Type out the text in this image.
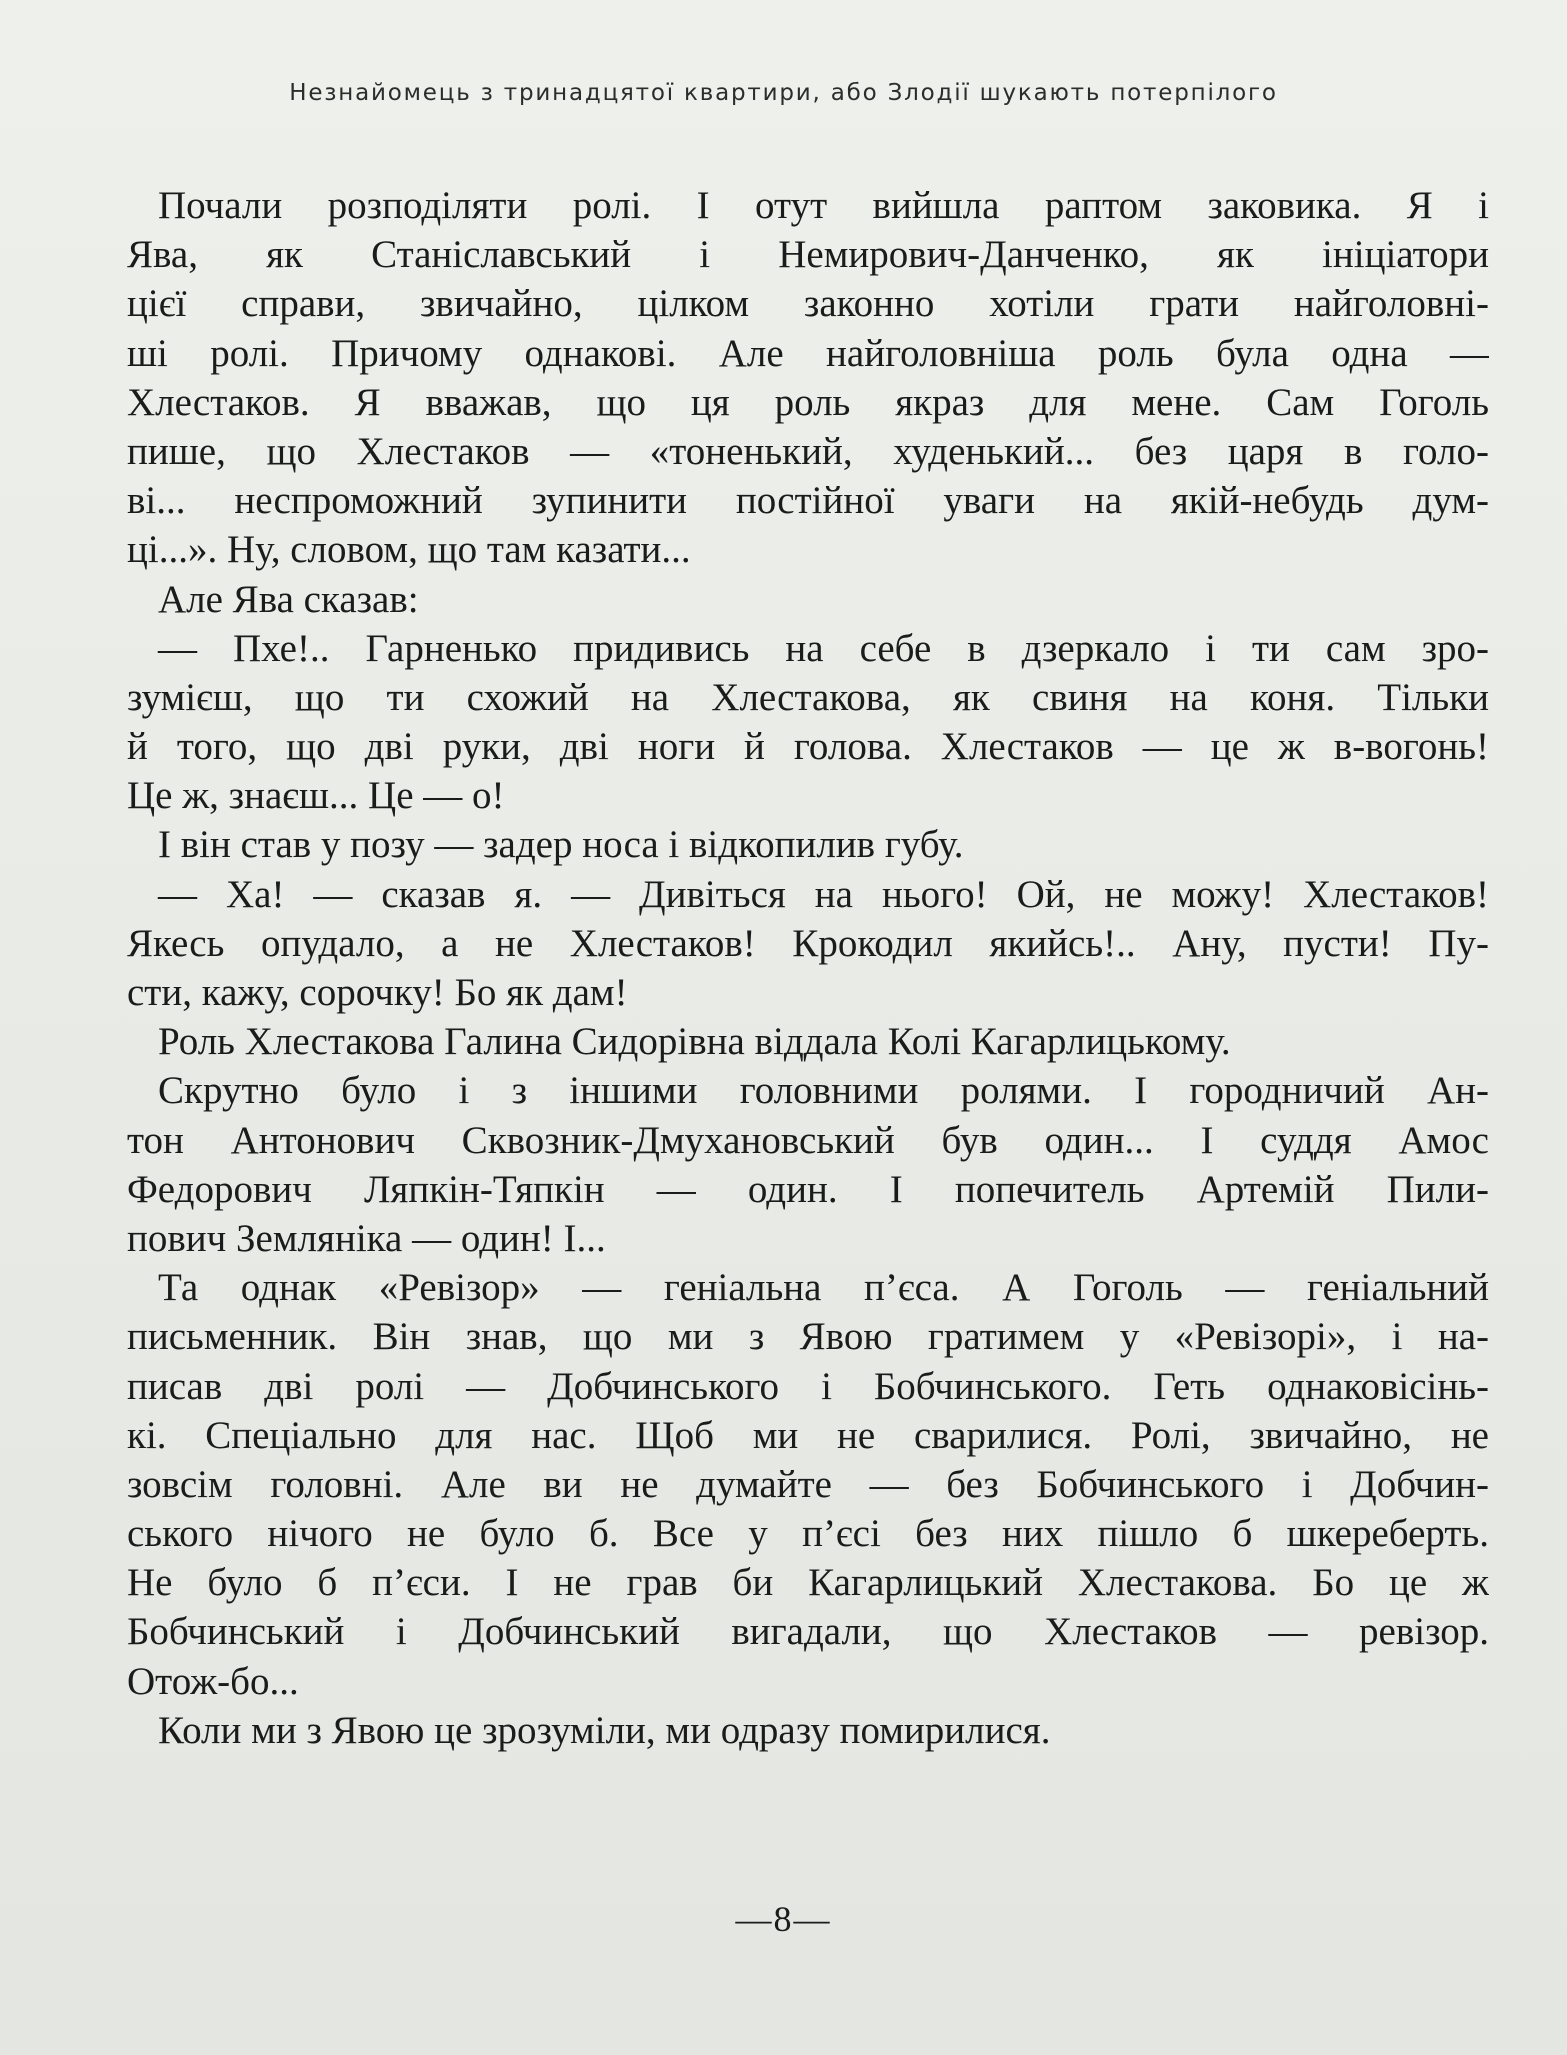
Незнайомець з тринадцятої квартири, або Злодії шукають потерпілого
Почали розподіляти ролі. І отут вийшла раптом заковика. Я і
Ява, як Станіславський і Немирович-Данченко, як ініціатори
цієї справи, звичайно, цілком законно хотіли грати найголовні-
ші ролі. Причому однакові. Але найголовніша роль була одна —
Хлестаков. Я вважав, що ця роль якраз для мене. Сам Гоголь
пише, що Хлестаков — «тоненький, худенький... без царя в голо-
ві... неспроможний зупинити постійної уваги на якій-небудь дум-
ці...». Ну, словом, що там казати...
Але Ява сказав:
— Пхе!.. Гарненько придивись на себе в дзеркало і ти сам зро-
зумієш, що ти схожий на Хлестакова, як свиня на коня. Тільки
й того, що дві руки, дві ноги й голова. Хлестаков — це ж в-вогонь!
Це ж, знаєш... Це — о!
І він став у позу — задер носа і відкопилив губу.
— Ха! — сказав я. — Дивіться на нього! Ой, не можу! Хлестаков!
Якесь опудало, а не Хлестаков! Крокодил якийсь!.. Ану, пусти! Пу-
сти, кажу, сорочку! Бо як дам!
Роль Хлестакова Галина Сидорівна віддала Колі Кагарлицькому.
Скрутно було і з іншими головними ролями. І городничий Ан-
тон Антонович Сквозник-Дмухановський був один... І суддя Амос
Федорович Ляпкін-Тяпкін — один. І попечитель Артемій Пили-
пович Земляніка — один! І...
Та однак «Ревізор» — геніальна п’єса. А Гоголь — геніальний
письменник. Він знав, що ми з Явою гратимем у «Ревізорі», і на-
писав дві ролі — Добчинського і Бобчинського. Геть однаковісінь-
кі. Спеціально для нас. Щоб ми не сварилися. Ролі, звичайно, не
зовсім головні. Але ви не думайте — без Бобчинського і Добчин-
ського нічого не було б. Все у п’єсі без них пішло б шкереберть.
Не було б п’єси. І не грав би Кагарлицький Хлестакова. Бо це ж
Бобчинський і Добчинський вигадали, що Хлестаков — ревізор.
Отож-бо...
Коли ми з Явою це зрозуміли, ми одразу помирилися.
—8—
